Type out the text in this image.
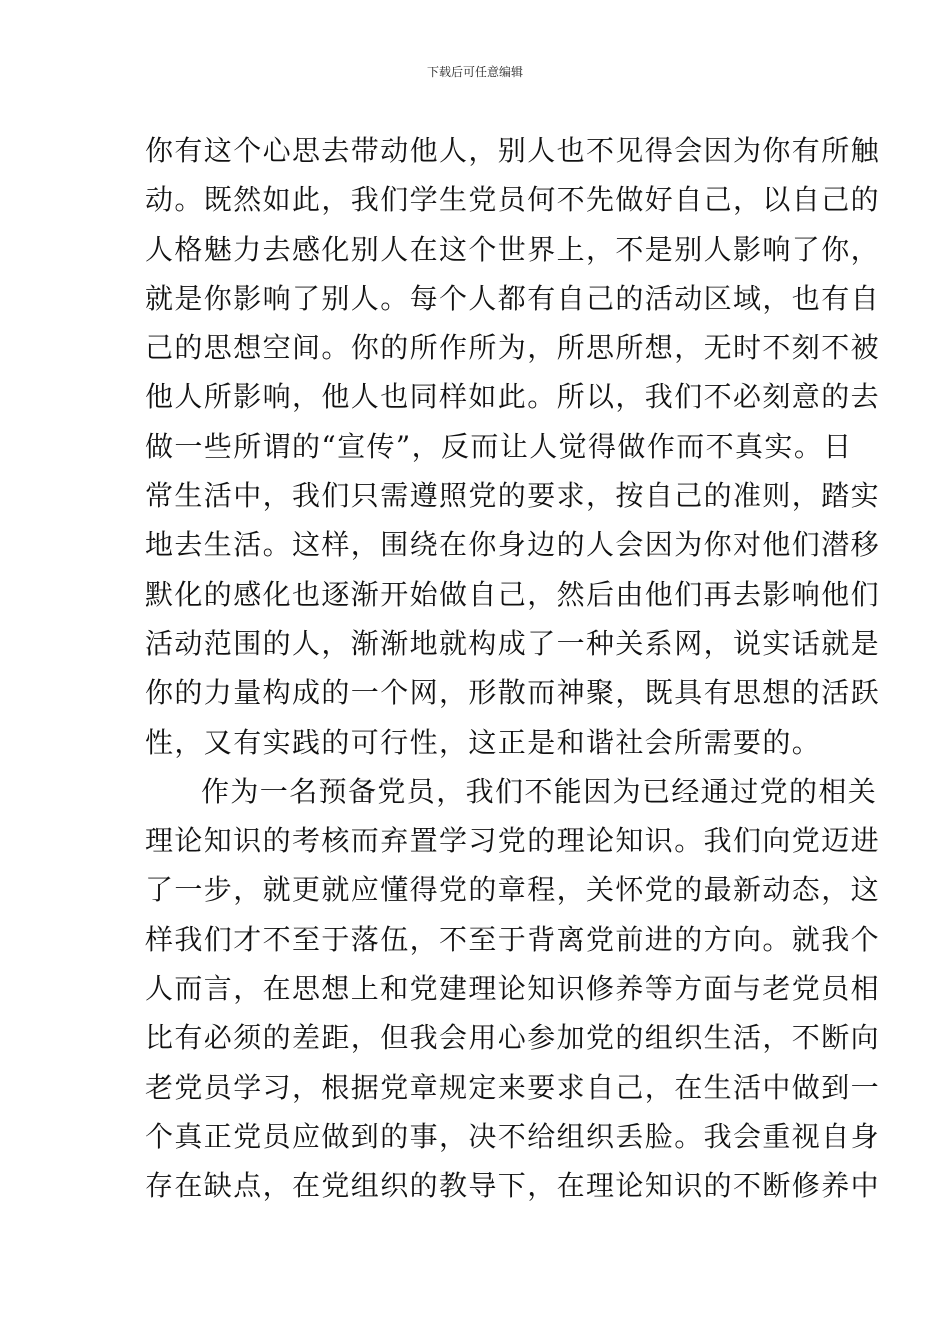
下载后可任意编辑
你有这个心思去带动他人，别人也不见得会因为你有所触
动。既然如此，我们学生党员何不先做好自己，以自己的
人格魅力去感化别人在这个世界上，不是别人影响了你，
就是你影响了别人。每个人都有自己的活动区域，也有自
己的思想空间。你的所作所为，所思所想，无时不刻不被
他人所影响，他人也同样如此。所以，我们不必刻意的去
做一些所谓的“宣传”，反而让人觉得做作而不真实。日
常生活中，我们只需遵照党的要求，按自己的准则，踏实
地去生活。这样，围绕在你身边的人会因为你对他们潜移
默化的感化也逐渐开始做自己，然后由他们再去影响他们
活动范围的人，渐渐地就构成了一种关系网，说实话就是
你的力量构成的一个网，形散而神聚，既具有思想的活跃
性，又有实践的可行性，这正是和谐社会所需要的。
作为一名预备党员，我们不能因为已经通过党的相关
理论知识的考核而弃置学习党的理论知识。我们向党迈进
了一步，就更就应懂得党的章程，关怀党的最新动态，这
样我们才不至于落伍，不至于背离党前进的方向。就我个
人而言，在思想上和党建理论知识修养等方面与老党员相
比有必须的差距，但我会用心参加党的组织生活，不断向
老党员学习，根据党章规定来要求自己，在生活中做到一
个真正党员应做到的事，决不给组织丢脸。我会重视自身
存在缺点，在党组织的教导下，在理论知识的不断修养中
